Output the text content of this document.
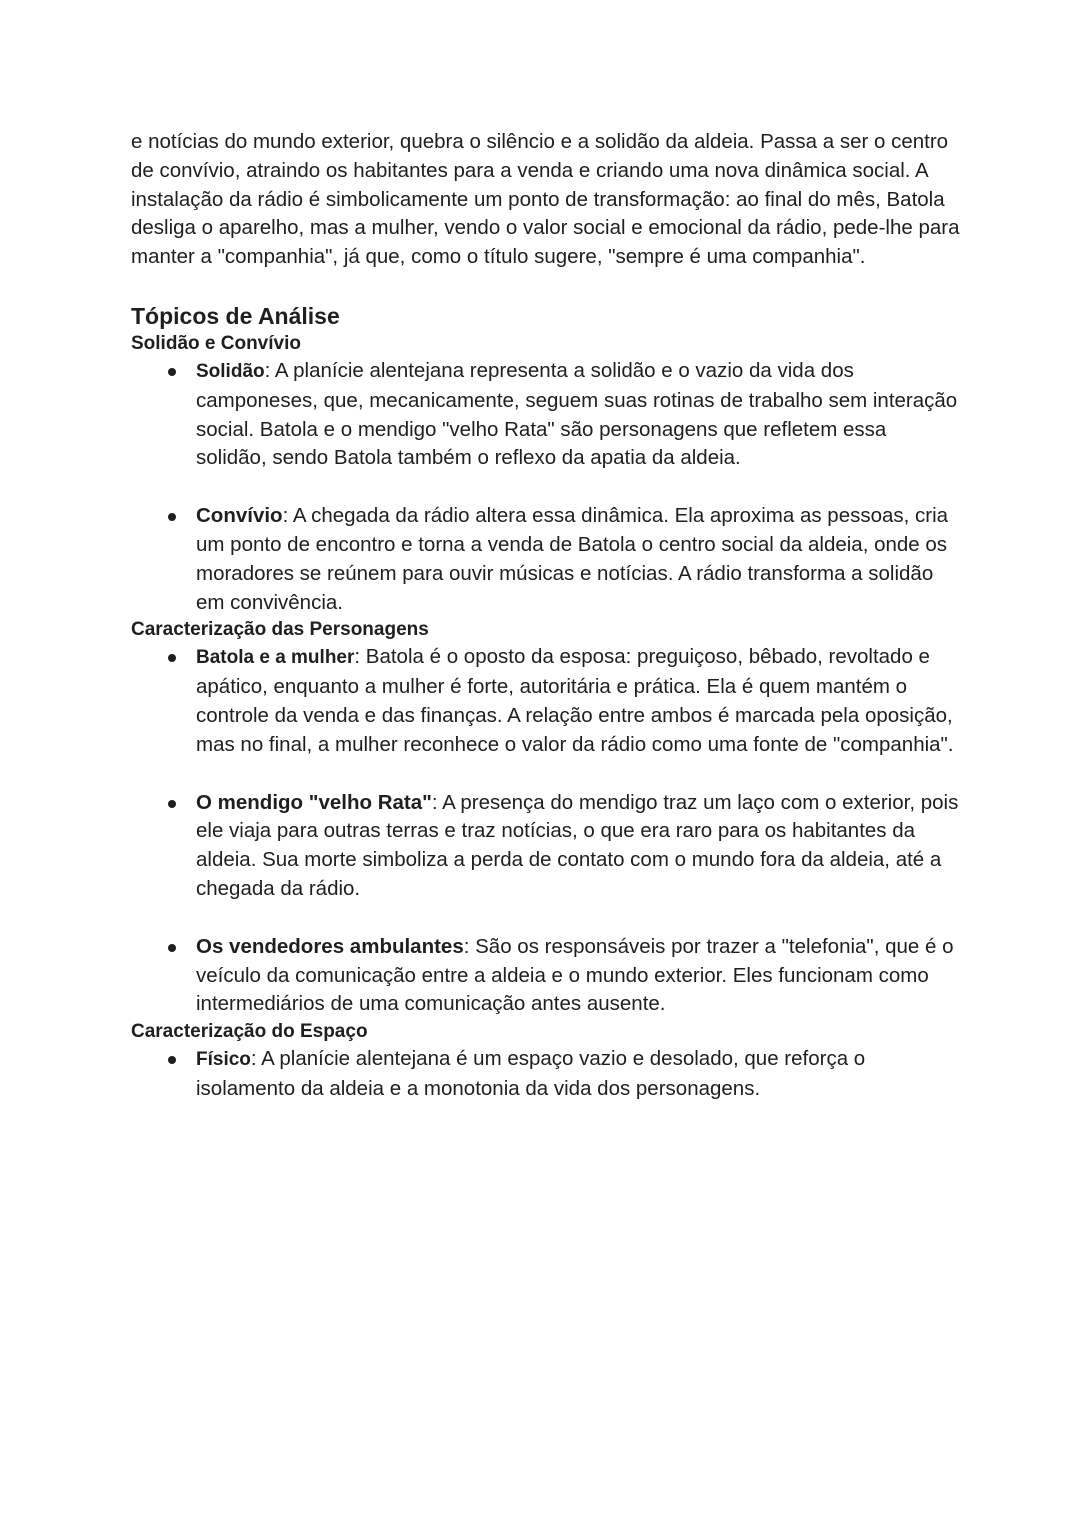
e notícias do mundo exterior, quebra o silêncio e a solidão da aldeia. Passa a ser o centro de convívio, atraindo os habitantes para a venda e criando uma nova dinâmica social. A instalação da rádio é simbolicamente um ponto de transformação: ao final do mês, Batola desliga o aparelho, mas a mulher, vendo o valor social e emocional da rádio, pede-lhe para manter a "companhia", já que, como o título sugere, "sempre é uma companhia".

Tópicos de Análise
Solidão e Convívio
Solidão: A planície alentejana representa a solidão e o vazio da vida dos camponeses, que, mecanicamente, seguem suas rotinas de trabalho sem interação social. Batola e o mendigo "velho Rata" são personagens que refletem essa solidão, sendo Batola também o reflexo da apatia da aldeia.
Convívio: A chegada da rádio altera essa dinâmica. Ela aproxima as pessoas, cria um ponto de encontro e torna a venda de Batola o centro social da aldeia, onde os moradores se reúnem para ouvir músicas e notícias. A rádio transforma a solidão em convivência.
Caracterização das Personagens
Batola e a mulher: Batola é o oposto da esposa: preguiçoso, bêbado, revoltado e apático, enquanto a mulher é forte, autoritária e prática. Ela é quem mantém o controle da venda e das finanças. A relação entre ambos é marcada pela oposição, mas no final, a mulher reconhece o valor da rádio como uma fonte de "companhia".
O mendigo "velho Rata": A presença do mendigo traz um laço com o exterior, pois ele viaja para outras terras e traz notícias, o que era raro para os habitantes da aldeia. Sua morte simboliza a perda de contato com o mundo fora da aldeia, até a chegada da rádio.
Os vendedores ambulantes: São os responsáveis por trazer a "telefonia", que é o veículo da comunicação entre a aldeia e o mundo exterior. Eles funcionam como intermediários de uma comunicação antes ausente.
Caracterização do Espaço
Físico: A planície alentejana é um espaço vazio e desolado, que reforça o isolamento da aldeia e a monotonia da vida dos personagens.
